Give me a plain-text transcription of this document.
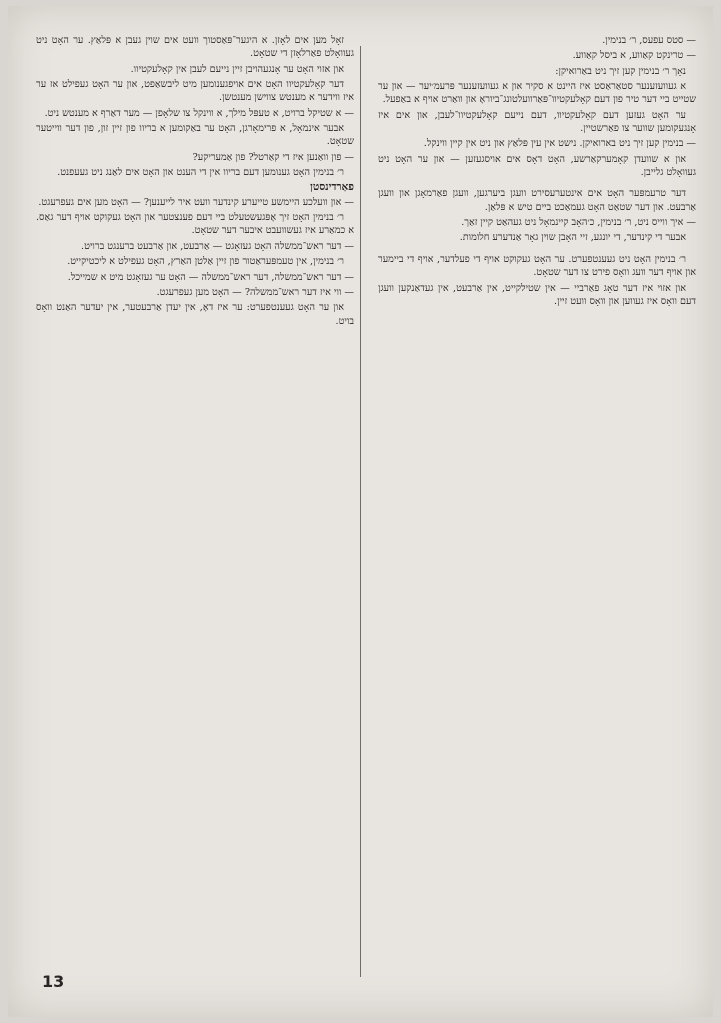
— סטס עפעס, ר׳ בנימין.

— טרינקט קאַווע, א ביסל קאַווע.

נאָך ר׳ בנימין קען זיך ניט באַרואיקן:

א געוועזענער סטאַראַסט איז היינט א סקיר און א געוועזענער פּרעמ׳יער — און ער שטייט ביי דער טיר פון דעם קאָלעקטיוו־פּאַרוועלטונג־ביוראָ און וואַרט אויף א באַפעל.

ער האָט געזען דעם קאָלעקטיוו, דעם נייעם קאָלעקטיוו־לעבן, און אים איז אָנגעקומען שווער צו פאַרשטיין.

— בנימין קען זיך ניט בארואיקן. נישט אין עין פּלאַץ און ניט אין קיין ווינקל.

און א שוועדן קאָמערקאַרשע, האָט דאָס אים אויסגעזען — און ער האָט ניט געוואָלט גלייבן.

דער טרעמפּער האָט אים אינטערעסירט וועגן ביערגען, וועגן פאַרמאָגן און וועגן אַרבעט. און דער שטאַט האָט געמאַכט ביים טיש א פּלאַן.

— איך ווייס ניט, ר׳ בנימין, כ׳האָב קיינמאָל ניט געהאַט קיין זאַך.

אבער די קינדער, די יונגע, זיי האָבן שוין גאָר אַנדערע חלומות.

ר׳ בנימין האָט ניט געענטפערט. ער האָט געקוקט אויף די פעלדער, אויף די ביימער און אויף דער וועג וואָס פירט צו דער שטאָט.

און אזוי איז דער טאָג פאַרביי — אין שטילקייט, אין אַרבעט, אין געדאַנקען וועגן דעם וואָס איז געווען און וואָס וועט זיין.

זאָל מען אים לאָזן. א היגער־פּאַסטוך וועט אים שוין געבן א פּלאַץ. ער האָט ניט געוואָלט פאַרלאָזן די שטאָט.

און אזוי האָט ער אָנגעהויבן זיין נייעם לעבן אין קאָלעקטיוו.

דער קאָלעקטיוו האָט אים אויפגענומען מיט ליבשאַפט, און ער האָט געפילט אז ער איז ווידער א מענטש צווישן מענטשן.

— א שטיקל ברויט, א טעפּל מילך, א ווינקל צו שלאָפן — מער דאַרף א מענטש ניט.

אבער אינמאָל, א פרימאָרגן, האָט ער באַקומען א בריוו פון זיין זון, פון דער ווייטער שטאָט.

— פון וואַנען איז די קאַרטל? פון אַמעריקע?

ר׳ בנימין האָט גענומען דעם בריוו אין די הענט און האָט אים לאַנג ניט געעפנט.

פאַרדינסטן

— און וועלכע היימשע טייערע קינדער וועט איר לייענען? — האָט מען אים געפרעגט.

ר׳ בנימין האָט זיך אָפּגעשטעלט ביי דעם פענצטער און האָט געקוקט אויף דער גאַס. א כמאַרע איז געשוועבט איבער דער שטאָט.

— דער ראש־ממשלה האָט געזאָגט — אַרבעט, און אַרבעט ברענגט ברויט.

ר׳ בנימין, אין טעמפּעראַטור פון זיין אַלטן האַרץ, האָט געפילט א ליכטיקייט.

— דער ראש־ממשלה, דער ראש־ממשלה — האָט ער געזאָגט מיט א שמייכל.

— ווי איז דער ראש־ממשלה? — האָט מען געפרעגט.

און ער האָט געענטפערט: ער איז דאָ, אין יעדן אַרבעטער, אין יעדער האַנט וואָס בויט.

13
